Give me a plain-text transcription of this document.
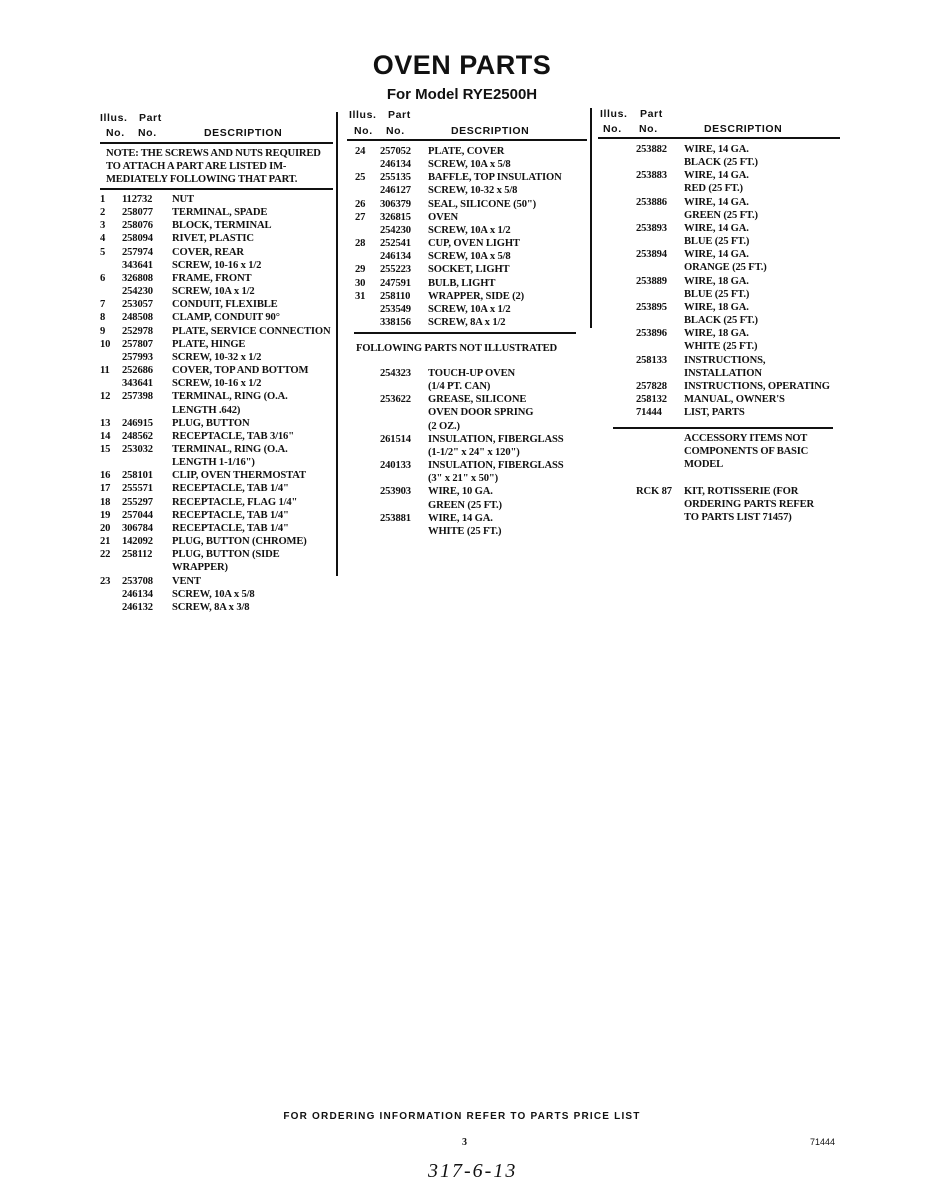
OVEN PARTS
For Model RYE2500H
Illus. Part
No. No.	DESCRIPTION
NOTE: THE SCREWS AND NUTS REQUIRED
TO ATTACH A PART ARE LISTED IM-
MEDIATELY FOLLOWING THAT PART.
1 112732 NUT
2 258077 TERMINAL, SPADE
3 258076 BLOCK, TERMINAL
4 258094 RIVET, PLASTIC
5 257974 COVER, REAR
343641 SCREW, 10-16 x 1/2
6 326808 FRAME, FRONT
254230 SCREW, 10A x 1/2
7 253057 CONDUIT, FLEXIBLE
8 248508 CLAMP, CONDUIT 90°
9 252978 PLATE, SERVICE CONNECTION
10 257807 PLATE, HINGE
257993 SCREW, 10-32 x 1/2
11 252686 COVER, TOP AND BOTTOM
343641 SCREW, 10-16 x 1/2
12 257398 TERMINAL, RING (O.A.
LENGTH .642)
13 246915 PLUG, BUTTON
14 248562 RECEPTACLE, TAB 3/16"
15 253032 TERMINAL, RING (O.A.
LENGTH 1-1/16")
16 258101 CLIP, OVEN THERMOSTAT
17 255571 RECEPTACLE, TAB 1/4"
18 255297 RECEPTACLE, FLAG 1/4"
19 257044 RECEPTACLE, TAB 1/4"
20 306784 RECEPTACLE, TAB 1/4"
21 142092 PLUG, BUTTON (CHROME)
22 258112 PLUG, BUTTON (SIDE
WRAPPER)
23 253708 VENT
246134 SCREW, 10A x 5/8
246132 SCREW, 8A x 3/8
Illus. Part
No. No.	DESCRIPTION
24 257052 PLATE, COVER
246134 SCREW, 10A x 5/8
25 255135 BAFFLE, TOP INSULATION
246127 SCREW, 10-32 x 5/8
26 306379 SEAL, SILICONE (50")
27 326815 OVEN
254230 SCREW, 10A x 1/2
28 252541 CUP, OVEN LIGHT
246134 SCREW, 10A x 5/8
29 255223 SOCKET, LIGHT
30 247591 BULB, LIGHT
31 258110 WRAPPER, SIDE (2)
253549 SCREW, 10A x 1/2
338156 SCREW, 8A x 1/2
FOLLOWING PARTS NOT ILLUSTRATED
254323 TOUCH-UP OVEN
(1/4 PT. CAN)
253622 GREASE, SILICONE
OVEN DOOR SPRING
(2 OZ.)
261514 INSULATION, FIBERGLASS
(1-1/2" x 24" x 120")
240133 INSULATION, FIBERGLASS
(3" x 21" x 50")
253903 WIRE, 10 GA.
GREEN (25 FT.)
253881 WIRE, 14 GA.
WHITE (25 FT.)
Illus. Part
No. No.	DESCRIPTION
253882 WIRE, 14 GA.
BLACK (25 FT.)
253883 WIRE, 14 GA.
RED (25 FT.)
253886 WIRE, 14 GA.
GREEN (25 FT.)
253893 WIRE, 14 GA.
BLUE (25 FT.)
253894 WIRE, 14 GA.
ORANGE (25 FT.)
253889 WIRE, 18 GA.
BLUE (25 FT.)
253895 WIRE, 18 GA.
BLACK (25 FT.)
253896 WIRE, 18 GA.
WHITE (25 FT.)
258133 INSTRUCTIONS,
INSTALLATION
257828 INSTRUCTIONS, OPERATING
258132 MANUAL, OWNER'S
71444 LIST, PARTS
ACCESSORY ITEMS NOT
COMPONENTS OF BASIC
MODEL
RCK 87 KIT, ROTISSERIE (FOR
ORDERING PARTS REFER
TO PARTS LIST 71457)
FOR ORDERING INFORMATION REFER TO PARTS PRICE LIST
3	71444
317-6-13
